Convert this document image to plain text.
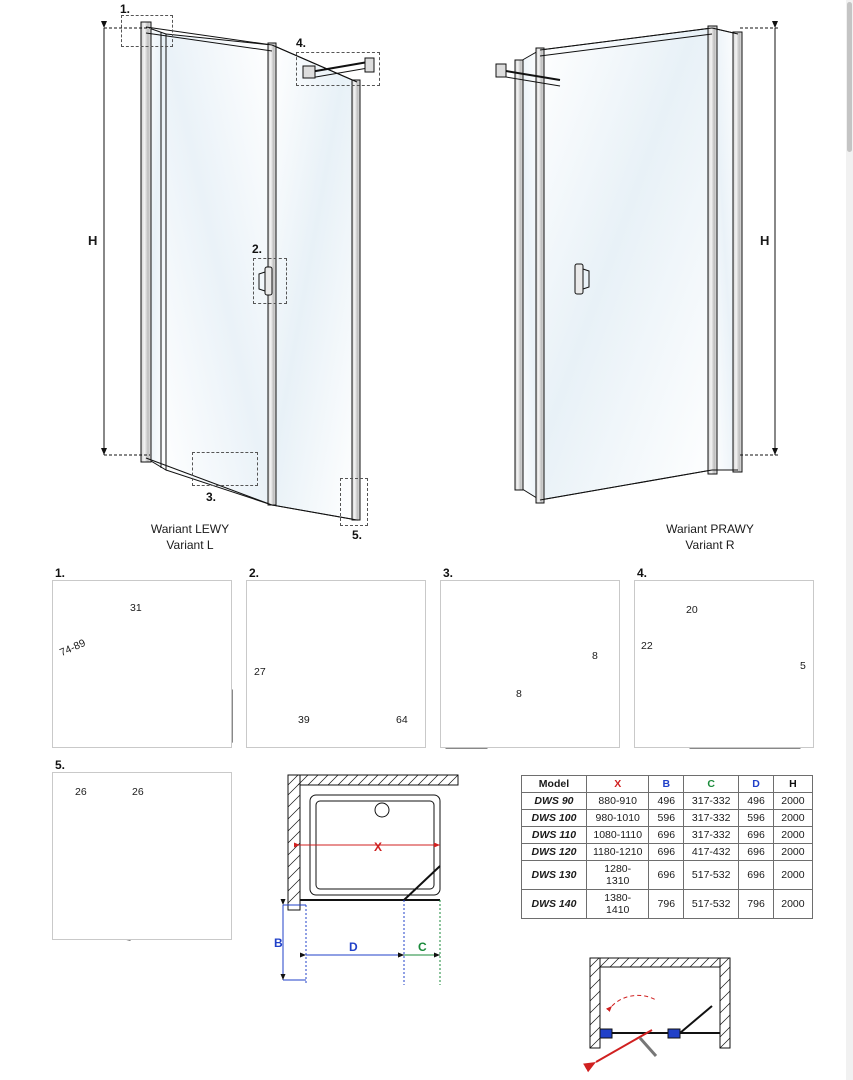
1.
2.
3.
4.
5.
H	H
Wariant LEWY
Variant L
Wariant PRAWY
Variant R
1.	2.	3.	4.
5.
31
74-89
27
39	64
8
8
20
22
5
26	26
X
B	D	C
Model	X	B	C	D	H
DWS 90	880-910	496	317-332	496	2000
DWS 100	980-1010	596	317-332	596	2000
DWS 110	1080-1110	696	317-332	696	2000
DWS 120	1180-1210	696	417-432	696	2000
DWS 130	1280-1310	696	517-532	696	2000
DWS 140	1380-1410	796	517-532	796	2000
